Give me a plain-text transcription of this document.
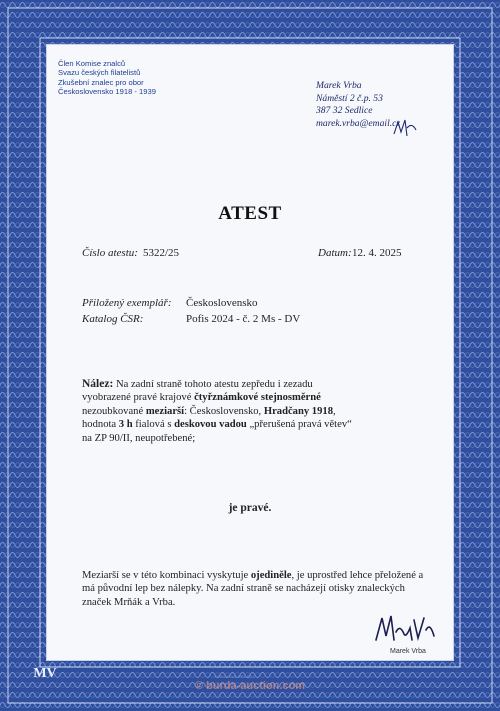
Člen Komise znalců
Svazu českých filatelistů
Zkušební znalec pro obor
Československo 1918 - 1939
Marek Vrba
Náměstí 2 č.p. 53
387 32 Sedlice
marek.vrba@email.cz
ATEST
Číslo atestu: 5322/25	Datum: 12. 4. 2025
Přiložený exemplář: Československo
Katalog ČSR:	Pofis 2024 - č. 2 Ms - DV
Nález: Na zadní straně tohoto atestu zepředu i zezadu
vyobrazené pravé krajové čtyřznámkové stejnosměrné
nezoubkované meziarší: Československo, Hradčany 1918,
hodnota 3 h fialová s deskovou vadou „přerušená pravá větev“
na ZP 90/II, neupotřebené;
je pravé.
Meziarší se v této kombinaci vyskytuje ojediněle, je uprostřed lehce přeložené a má původní lep bez nálepky. Na zadní straně se nacházejí otisky znaleckých značek Mrňák a Vrba.
Marek Vrba
MV	TISKÁRNA HRADEC
© burda-auction.com
